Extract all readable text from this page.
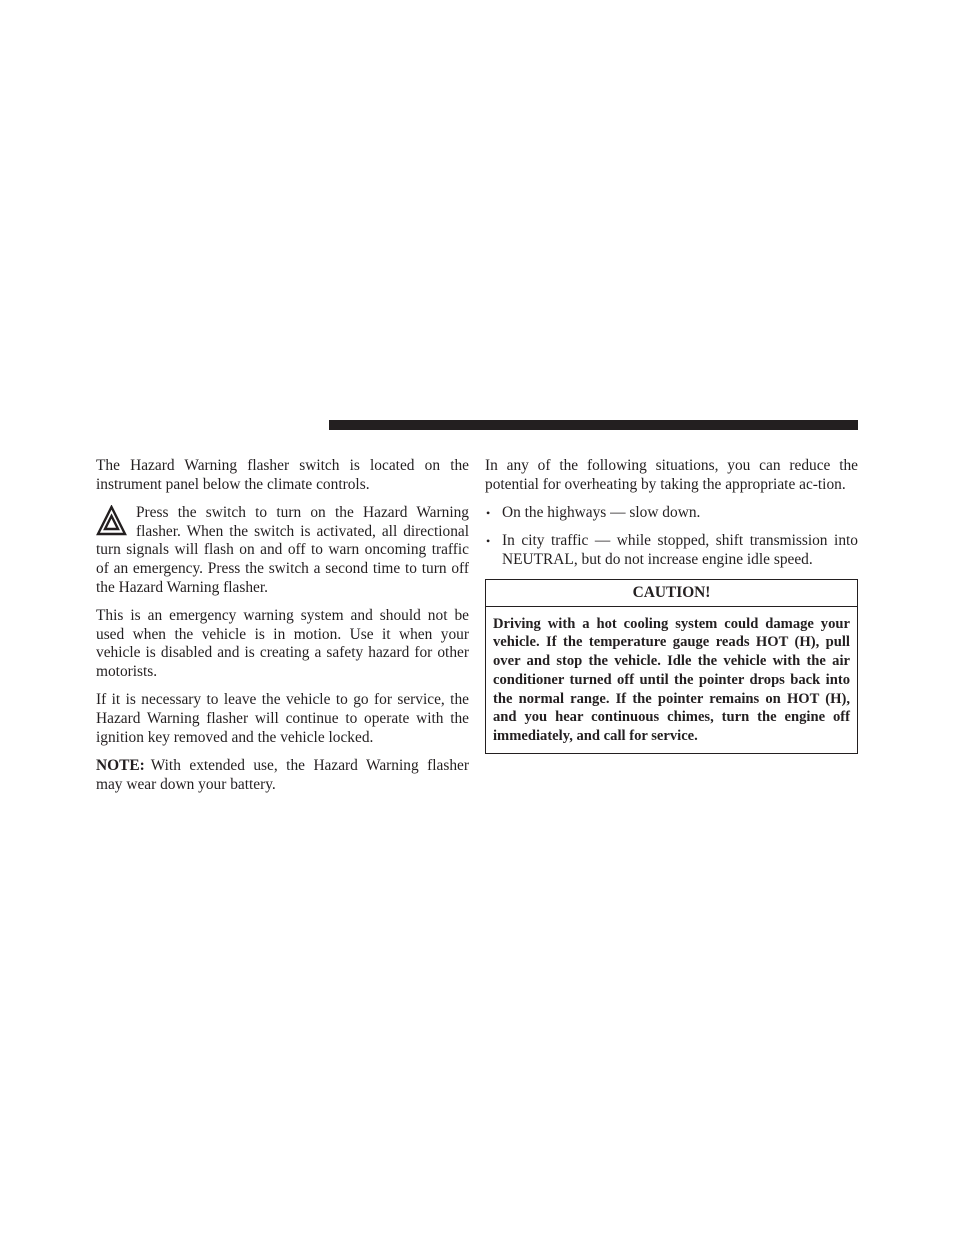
The Hazard Warning flasher switch is located on the instrument panel below the climate controls.

Press the switch to turn on the Hazard Warning flasher. When the switch is activated, all directional turn signals will flash on and off to warn oncoming traffic of an emergency. Press the switch a second time to turn off the Hazard Warning flasher.

This is an emergency warning system and should not be used when the vehicle is in motion. Use it when your vehicle is disabled and is creating a safety hazard for other motorists.

If it is necessary to leave the vehicle to go for service, the Hazard Warning flasher will continue to operate with the ignition key removed and the vehicle locked.

NOTE: With extended use, the Hazard Warning flasher may wear down your battery.

In any of the following situations, you can reduce the potential for overheating by taking the appropriate ac-tion.

• On the highways — slow down.
• In city traffic — while stopped, shift transmission into NEUTRAL, but do not increase engine idle speed.
CAUTION!
Driving with a hot cooling system could damage your vehicle. If the temperature gauge reads HOT (H), pull over and stop the vehicle. Idle the vehicle with the air conditioner turned off until the pointer drops back into the normal range. If the pointer remains on HOT (H), and you hear continuous chimes, turn the engine off immediately, and call for service.
